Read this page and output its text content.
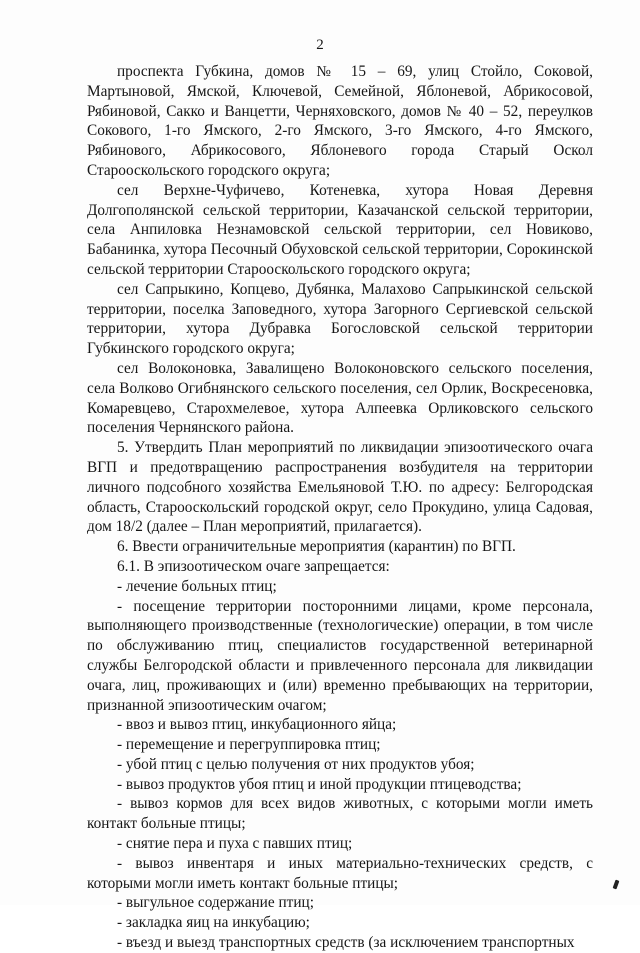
2

проспекта Губкина, домов № 15 – 69, улиц Стойло, Соковой, Мартыновой, Ямской, Ключевой, Семейной, Яблоневой, Абрикосовой, Рябиновой, Сакко и Ванцетти, Черняховского, домов № 40 – 52, переулков Сокового, 1-го Ямского, 2-го Ямского, 3-го Ямского, 4-го Ямского, Рябинового, Абрикосового, Яблоневого города Старый Оскол Старооскольского городского округа;

сел Верхне-Чуфичево, Котеневка, хутора Новая Деревня Долгополянской сельской территории, Казачанской сельской территории, села Анпиловка Незнамовской сельской территории, сел Новиково, Бабанинка, хутора Песочный Обуховской сельской территории, Сорокинской сельской территории Старооскольского городского округа;

сел Сапрыкино, Копцево, Дубянка, Малахово Сапрыкинской сельской территории, поселка Заповедного, хутора Загорного Сергиевской сельской территории, хутора Дубравка Богословской сельской территории Губкинского городского округа;

сел Волоконовка, Завалищено Волоконовского сельского поселения, села Волково Огибнянского сельского поселения, сел Орлик, Воскресеновка, Комаревцево, Старохмелевое, хутора Алпеевка Орликовского сельского поселения Чернянского района.

5. Утвердить План мероприятий по ликвидации эпизоотического очага ВГП и предотвращению распространения возбудителя на территории личного подсобного хозяйства Емельяновой Т.Ю. по адресу: Белгородская область, Старооскольский городской округ, село Прокудино, улица Садовая, дом 18/2 (далее – План мероприятий, прилагается).

6. Ввести ограничительные мероприятия (карантин) по ВГП.

6.1. В эпизоотическом очаге запрещается:

- лечение больных птиц;

- посещение территории посторонними лицами, кроме персонала, выполняющего производственные (технологические) операции, в том числе по обслуживанию птиц, специалистов государственной ветеринарной службы Белгородской области и привлеченного персонала для ликвидации очага, лиц, проживающих и (или) временно пребывающих на территории, признанной эпизоотическим очагом;

- ввоз и вывоз птиц, инкубационного яйца;

- перемещение и перегруппировка птиц;

- убой птиц с целью получения от них продуктов убоя;

- вывоз продуктов убоя птиц и иной продукции птицеводства;

- вывоз кормов для всех видов животных, с которыми могли иметь контакт больные птицы;

- снятие пера и пуха с павших птиц;

- вывоз инвентаря и иных материально-технических средств, с которыми могли иметь контакт больные птицы;

- выгульное содержание птиц;

- закладка яиц на инкубацию;

- въезд и выезд транспортных средств (за исключением транспортных
